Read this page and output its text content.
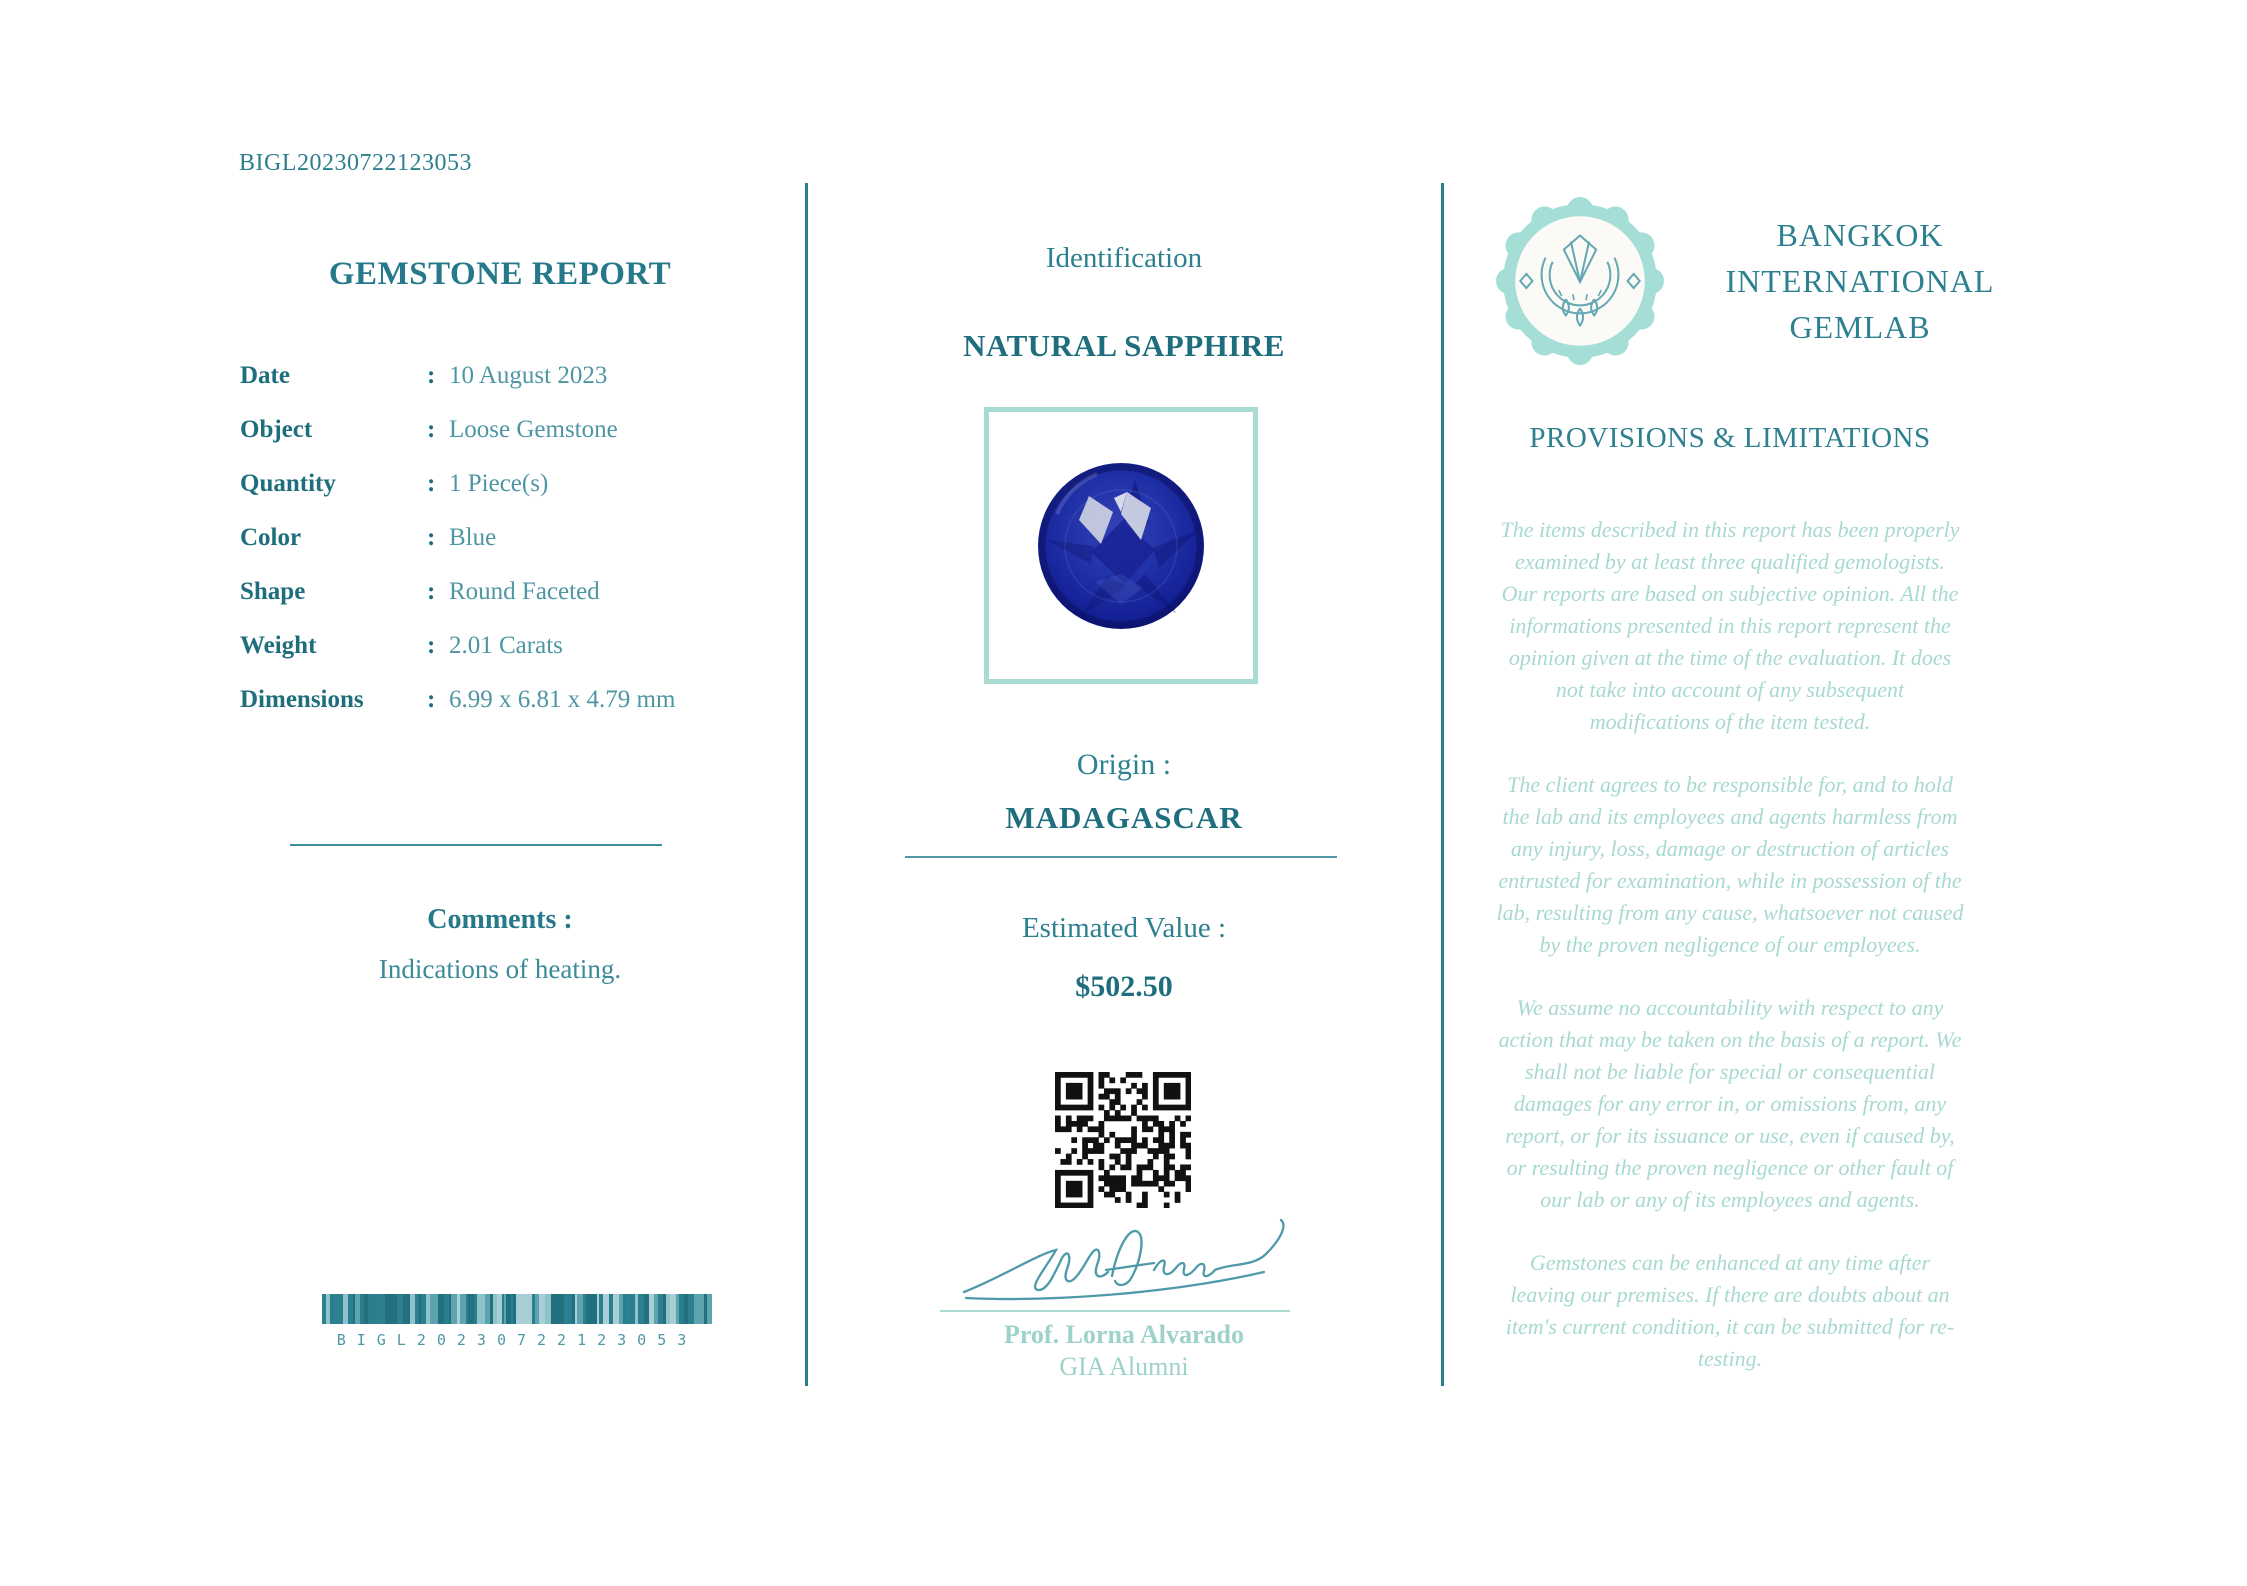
BIGL20230722123053
GEMSTONE REPORT
Date	: 10 August 2023
Object	: Loose Gemstone
Quantity	: 1 Piece(s)
Color	: Blue
Shape	: Round Faceted
Weight	: 2.01 Carats
Dimensions	: 6.99 x 6.81 x 4.79 mm
Comments :
Indications of heating.
BIGL20230722123053
Identification
NATURAL SAPPHIRE
Origin :
MADAGASCAR
Estimated Value :
$502.50
Prof. Lorna Alvarado
GIA Alumni
BANGKOK
INTERNATIONAL
GEMLAB
PROVISIONS & LIMITATIONS

The items described in this report has been properly examined by at least three qualified gemologists. Our reports are based on subjective opinion. All the informations presented in this report represent the opinion given at the time of the evaluation. It does not take into account of any subsequent modifications of the item tested.

The client agrees to be responsible for, and to hold the lab and its employees and agents harmless from any injury, loss, damage or destruction of articles entrusted for examination, while in possession of the lab, resulting from any cause, whatsoever not caused by the proven negligence of our employees.

We assume no accountability with respect to any action that may be taken on the basis of a report. We shall not be liable for special or consequential damages for any error in, or omissions from, any report, or for its issuance or use, even if caused by, or resulting the proven negligence or other fault of our lab or any of its employees and agents.

Gemstones can be enhanced at any time after leaving our premises. If there are doubts about an item's current condition, it can be submitted for re-testing.
